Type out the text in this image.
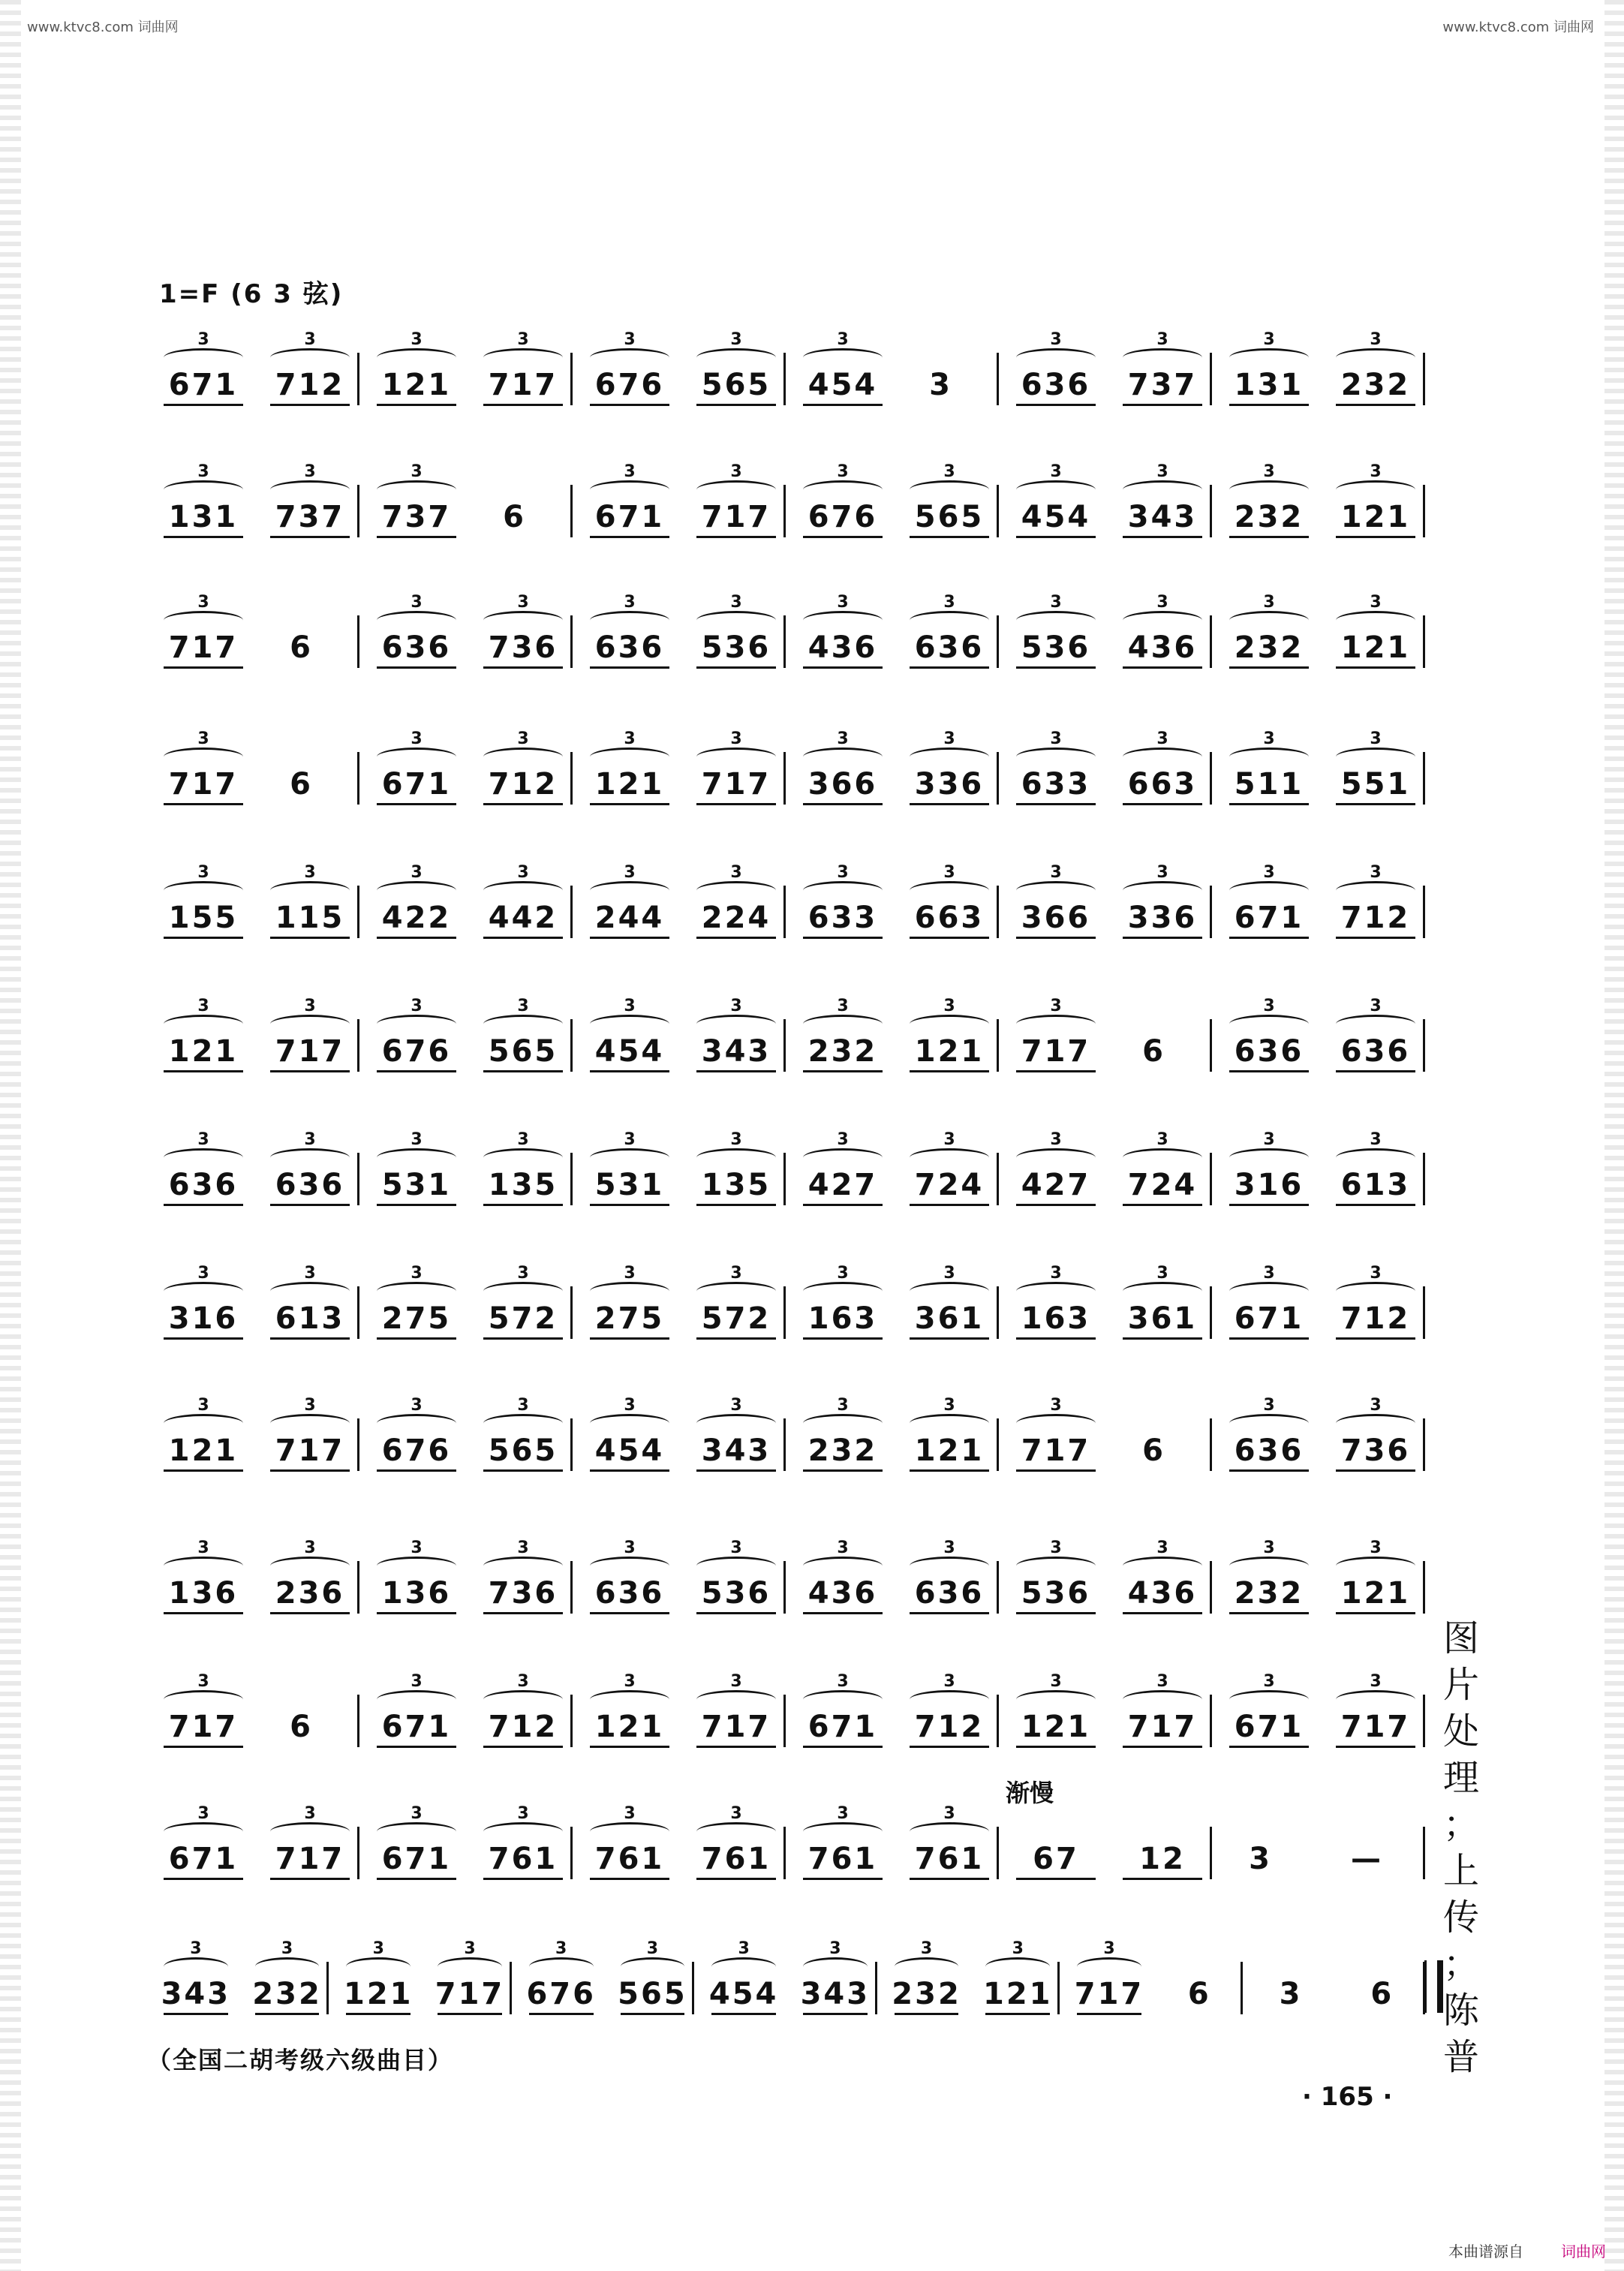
www.ktvc8.com 词曲网	www.ktvc8.com 词曲网
1=F (6 3 弦)
3
671
3
712
3
121
3
717
3
676
3
565
3
454	3
3
636
3
737
3
131
3
232
3
131
3
737
3
737	6
3
671
3
717
3
676
3
565
3
454
3
343
3
232
3
121
3
717	6
3
636
3
736
3
636
3
536
3
436
3
636
3
536
3
436
3
232
3
121
3
717	6
3
671
3
712
3
121
3
717
3
366
3
336
3
633
3
663
3
511
3
551
3
155
3
115
3
422
3
442
3
244
3
224
3
633
3
663
3
366
3
336
3
671
3
712
3
121
3
717
3
676
3
565
3
454
3
343
3
232
3
121
3
717	6
3
636
3
636
3
636
3
636
3
531
3
135
3
531
3
135
3
427
3
724
3
427
3
724
3
316
3
613
3
316
3
613
3
275
3
572
3
275
3
572
3
163
3
361
3
163
3
361
3
671
3
712
3
121
3
717
3
676
3
565
3
454
3
343
3
232
3
121
3
717	6
3
636
3
736
3
136
3
236
3
136
3
736
3
636
3
536
3
436
3
636
3
536
3
436
3
232
3
121
3
717	6
3
671
3
712
3
121
3
717
3
671
3
712
3
121
3
717
3
671
3
717
3
671
3
717
3
671
3
761
3
761
3
761
3
761
3
761	67	12	3	—
3
343
3
232
3
121
3
717
3
676
3
565
3
454
3
343
3
232
3
121
3
717 6 3 6
渐慢
图
片
处
理
；
上
传
；
陈
普
（全国二胡考级六级曲目）
· 165 ·
本曲谱源自	词曲网
